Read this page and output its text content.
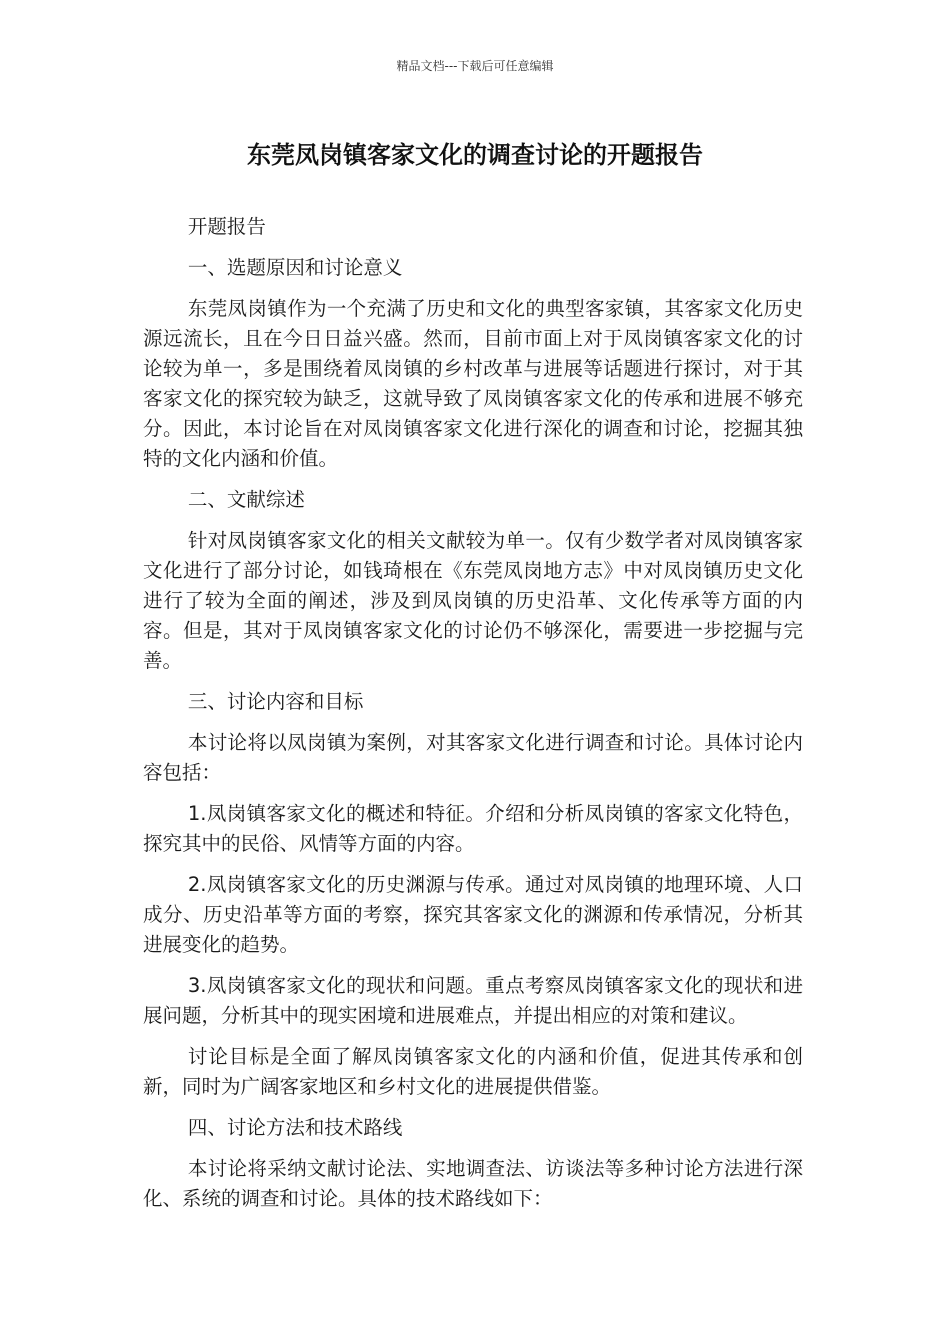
精品文档---下载后可任意编辑
东莞凤岗镇客家文化的调查讨论的开题报告

开题报告

一、选题原因和讨论意义

东莞凤岗镇作为一个充满了历史和文化的典型客家镇，其客家文化历史源远流长，且在今日日益兴盛。然而，目前市面上对于凤岗镇客家文化的讨论较为单一，多是围绕着凤岗镇的乡村改革与进展等话题进行探讨，对于其客家文化的探究较为缺乏，这就导致了凤岗镇客家文化的传承和进展不够充分。因此，本讨论旨在对凤岗镇客家文化进行深化的调查和讨论，挖掘其独特的文化内涵和价值。

二、文献综述

针对凤岗镇客家文化的相关文献较为单一。仅有少数学者对凤岗镇客家文化进行了部分讨论，如钱琦根在《东莞凤岗地方志》中对凤岗镇历史文化进行了较为全面的阐述，涉及到凤岗镇的历史沿革、文化传承等方面的内容。但是，其对于凤岗镇客家文化的讨论仍不够深化，需要进一步挖掘与完善。

三、讨论内容和目标

本讨论将以凤岗镇为案例，对其客家文化进行调查和讨论。具体讨论内容包括：

1.凤岗镇客家文化的概述和特征。介绍和分析凤岗镇的客家文化特色，探究其中的民俗、风情等方面的内容。

2.凤岗镇客家文化的历史渊源与传承。通过对凤岗镇的地理环境、人口成分、历史沿革等方面的考察，探究其客家文化的渊源和传承情况，分析其进展变化的趋势。

3.凤岗镇客家文化的现状和问题。重点考察凤岗镇客家文化的现状和进展问题，分析其中的现实困境和进展难点，并提出相应的对策和建议。

讨论目标是全面了解凤岗镇客家文化的内涵和价值，促进其传承和创新，同时为广阔客家地区和乡村文化的进展提供借鉴。

四、讨论方法和技术路线

本讨论将采纳文献讨论法、实地调查法、访谈法等多种讨论方法进行深化、系统的调查和讨论。具体的技术路线如下：
